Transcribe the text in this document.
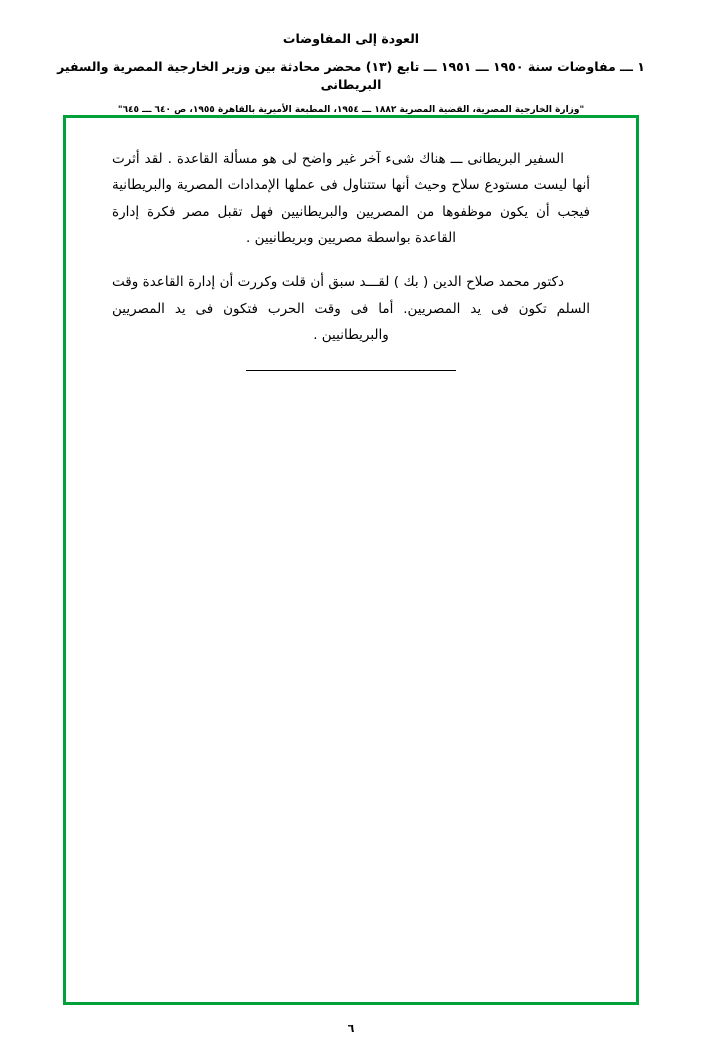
العودة إلى المفاوضات
١ ـــ مفاوضات سنة ١٩٥٠ ـــ ١٩٥١ ـــ تابع (١٣) محضر محادثة بين وزير الخارجية المصرية والسفير البريطانى
"وزارة الخارجية المصرية، القضية المصرية ١٨٨٢ ـــ ١٩٥٤، المطبعة الأميرية بالقاهرة ١٩٥٥، ص ٦٤٠ ـــ ٦٤٥"

السفير البريطانى ـــ هناك شىء آخر غير واضح لى هو مسألة القاعدة . لقد أثرت أنها ليست مستودع سلاح وحيث أنها ستتناول فى عملها الإمدادات المصرية والبريطانية فيجب أن يكون موظفوها من المصريين والبريطانيين فهل تقبل مصر فكرة إدارة القاعدة بواسطة مصريين وبريطانيين .

دكتور محمد صلاح الدين ( بك ) لقـــد سبق أن قلت وكررت أن إدارة القاعدة وقت السلم تكون فى يد المصريين. أما فى وقت الحرب فتكون فى يد المصريين والبريطانيين .

٦
